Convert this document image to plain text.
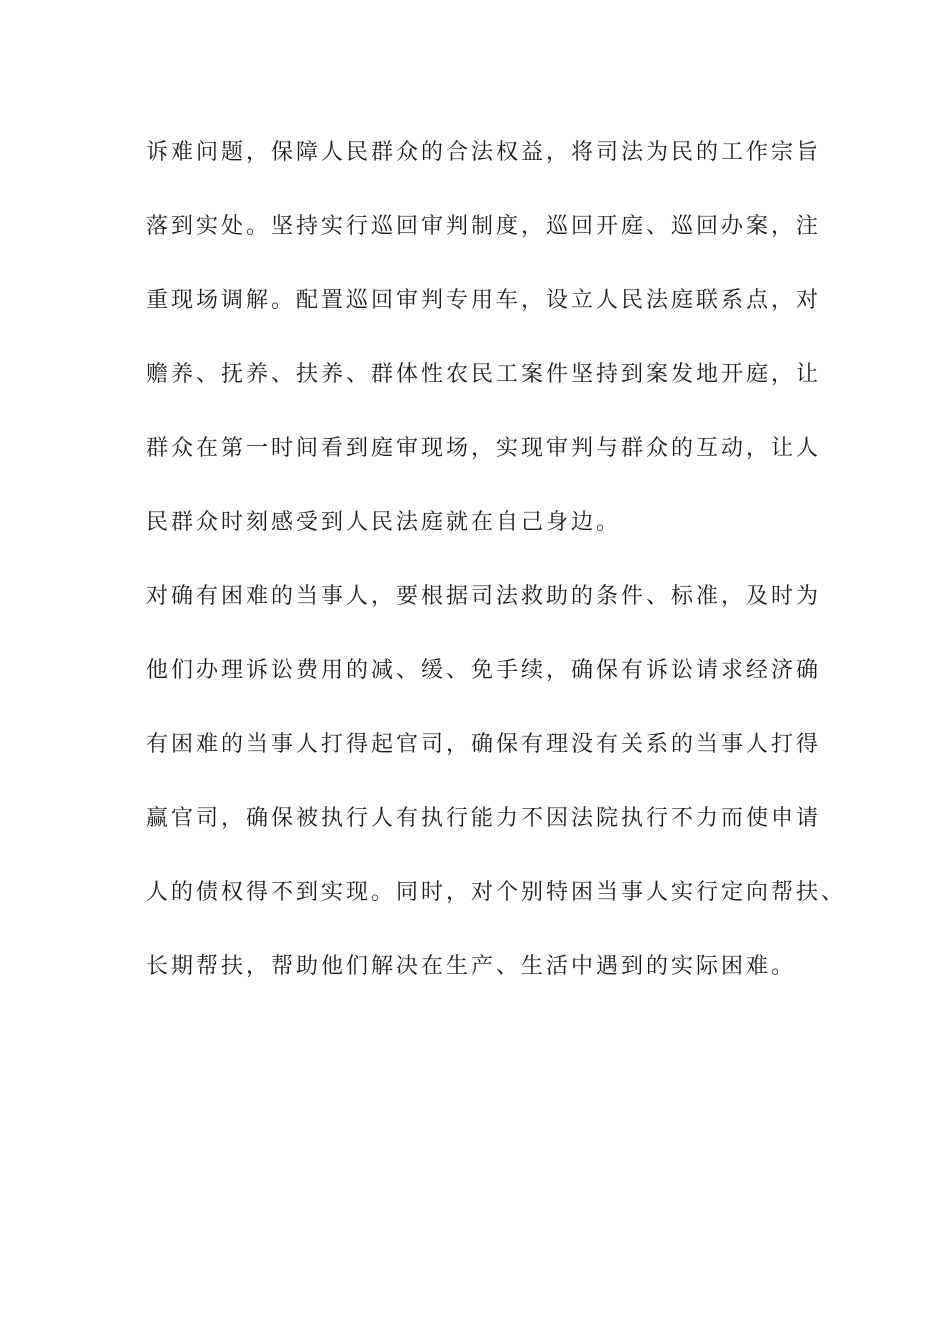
诉难问题，保障人民群众的合法权益，将司法为民的工作宗旨
落到实处。坚持实行巡回审判制度，巡回开庭、巡回办案，注
重现场调解。配置巡回审判专用车，设立人民法庭联系点，对
赡养、抚养、扶养、群体性农民工案件坚持到案发地开庭，让
群众在第一时间看到庭审现场，实现审判与群众的互动，让人
民群众时刻感受到人民法庭就在自己身边。
对确有困难的当事人，要根据司法救助的条件、标准，及时为
他们办理诉讼费用的减、缓、免手续，确保有诉讼请求经济确
有困难的当事人打得起官司，确保有理没有关系的当事人打得
赢官司，确保被执行人有执行能力不因法院执行不力而使申请
人的债权得不到实现。同时，对个别特困当事人实行定向帮扶、
长期帮扶，帮助他们解决在生产、生活中遇到的实际困难。
